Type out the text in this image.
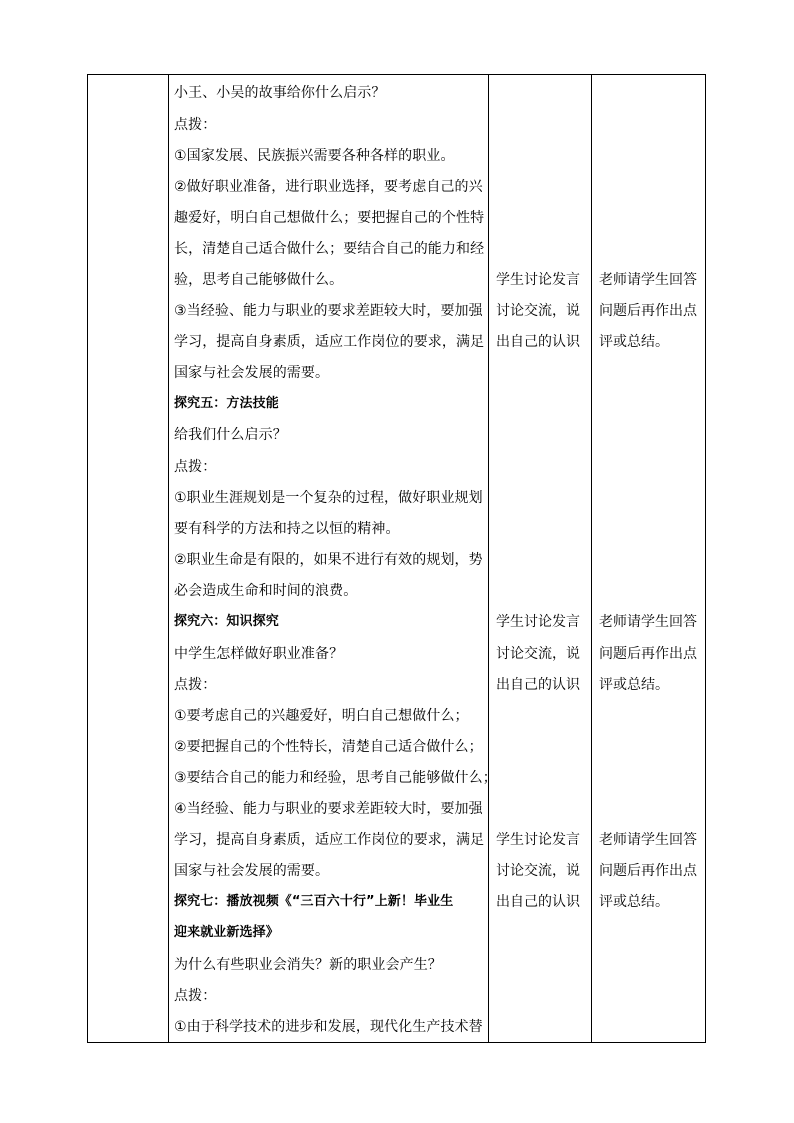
小王、小吴的故事给你什么启示？
点拨：
①国家发展、民族振兴需要各种各样的职业。
②做好职业准备，进行职业选择，要考虑自己的兴
趣爱好，明白自己想做什么；要把握自己的个性特
长，清楚自己适合做什么；要结合自己的能力和经
验，思考自己能够做什么。
③当经验、能力与职业的要求差距较大时，要加强
学习，提高自身素质，适应工作岗位的要求，满足
国家与社会发展的需要。
探究五：方法技能
给我们什么启示？
点拨：
①职业生涯规划是一个复杂的过程，做好职业规划
要有科学的方法和持之以恒的精神。
②职业生命是有限的，如果不进行有效的规划，势
必会造成生命和时间的浪费。
探究六：知识探究
中学生怎样做好职业准备？
点拨：
①要考虑自己的兴趣爱好，明白自己想做什么；
②要把握自己的个性特长，清楚自己适合做什么；
③要结合自己的能力和经验，思考自己能够做什么；
④当经验、能力与职业的要求差距较大时，要加强
学习，提高自身素质，适应工作岗位的要求，满足
国家与社会发展的需要。
探究七：播放视频《“三百六十行”上新！毕业生
迎来就业新选择》
为什么有些职业会消失？新的职业会产生？
点拨：
①由于科学技术的进步和发展，现代化生产技术替
学生讨论发言
讨论交流，说
出自己的认识
学生讨论发言
讨论交流，说
出自己的认识
学生讨论发言
讨论交流，说
出自己的认识
老师请学生回答
问题后再作出点
评或总结。
老师请学生回答
问题后再作出点
评或总结。
老师请学生回答
问题后再作出点
评或总结。
